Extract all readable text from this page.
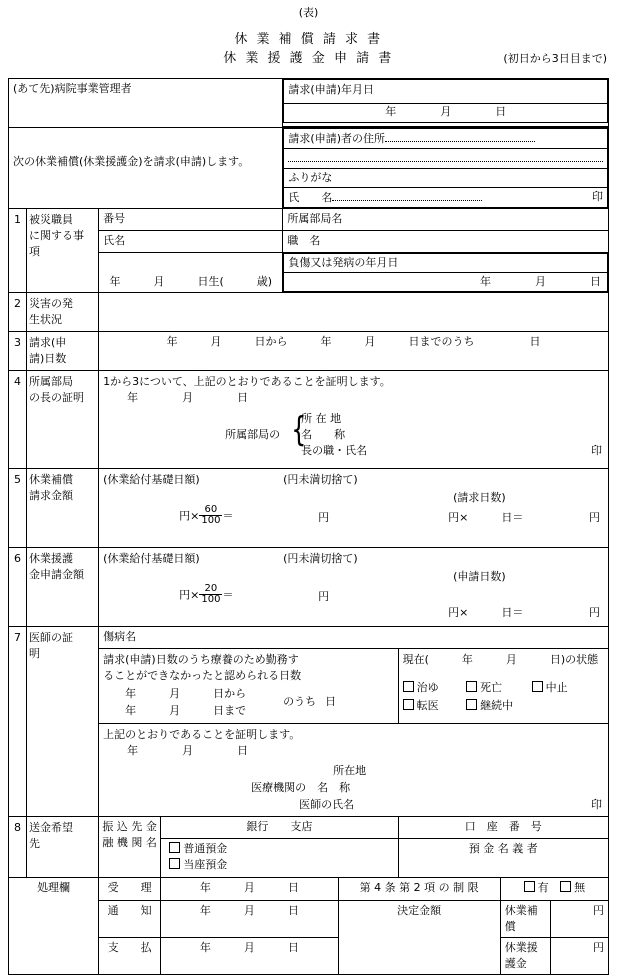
(表)
休 業 補 償 請 求 書
休 業 援 護 金 申 請 書	(初日から3日目まで)
(あて先)病院事業管理者
		請求(申請)年月日
年　　　　月　　　　日

次の休業補償(休業援護金)を請求(申請)します。

請求(申請)者の住所

ふりがな
氏　　名	印

1	被災職員
に関する事
項
	番号	所属部局名
氏名	職　名
年　　　月　　　日生(　　　歳)	
負傷又は発病の年月日
年　　　　月　　　　日

2	災害の発
生状況

3	請求(申
請)日数
	年　　　月　　　日から　　　年　　　月　　　日までのうち　　　　　日
4	所属部局
の長の証明

1から3について、上記のとおりであることを証明します。
年　　　　月　　　　日
所属部局の {
所 在 地
名　　称
長の職・氏名	印

5	休業補償
請求金額

(休業給付基礎日額)	(円未満切捨て)
(請求日数)
円× $\frac{60}{100}$ ＝	円	円×　　　日＝	円

6	休業援護
金申請金額

(休業給付基礎日額)	(円未満切捨て)
(申請日数)
円× $\frac{20}{100}$ ＝	円
円×　　　日＝	円

7	医師の証
明
	傷病名

請求(申請)日数のうち療養のため勤務す
ることができなかったと認められる日数
年　　　月　　　日から
年　　　月　　　日まで
のうち 日

現在(　　　年　　　月　　　日)の状態
治ゆ	死亡	中止
転医	継続中

上記のとおりであることを証明します。
年　　　　月　　　　日
所在地
医療機関の　名　称
医師の氏名	印

8	送金希望
先

振 込 先 金
融 機 関 名
	銀行　　支店	口　座　番　号

普通預金
当座預金
	預 金 名 義 者
処理欄	受　　理	年　　　月　　　日	第 4 条 第 2 項 の 制 限	有 無
通　　知	年　　　月　　　日	決定金額	休業補償	円
支　　払	年　　　月　　　日	休業援護金	円
